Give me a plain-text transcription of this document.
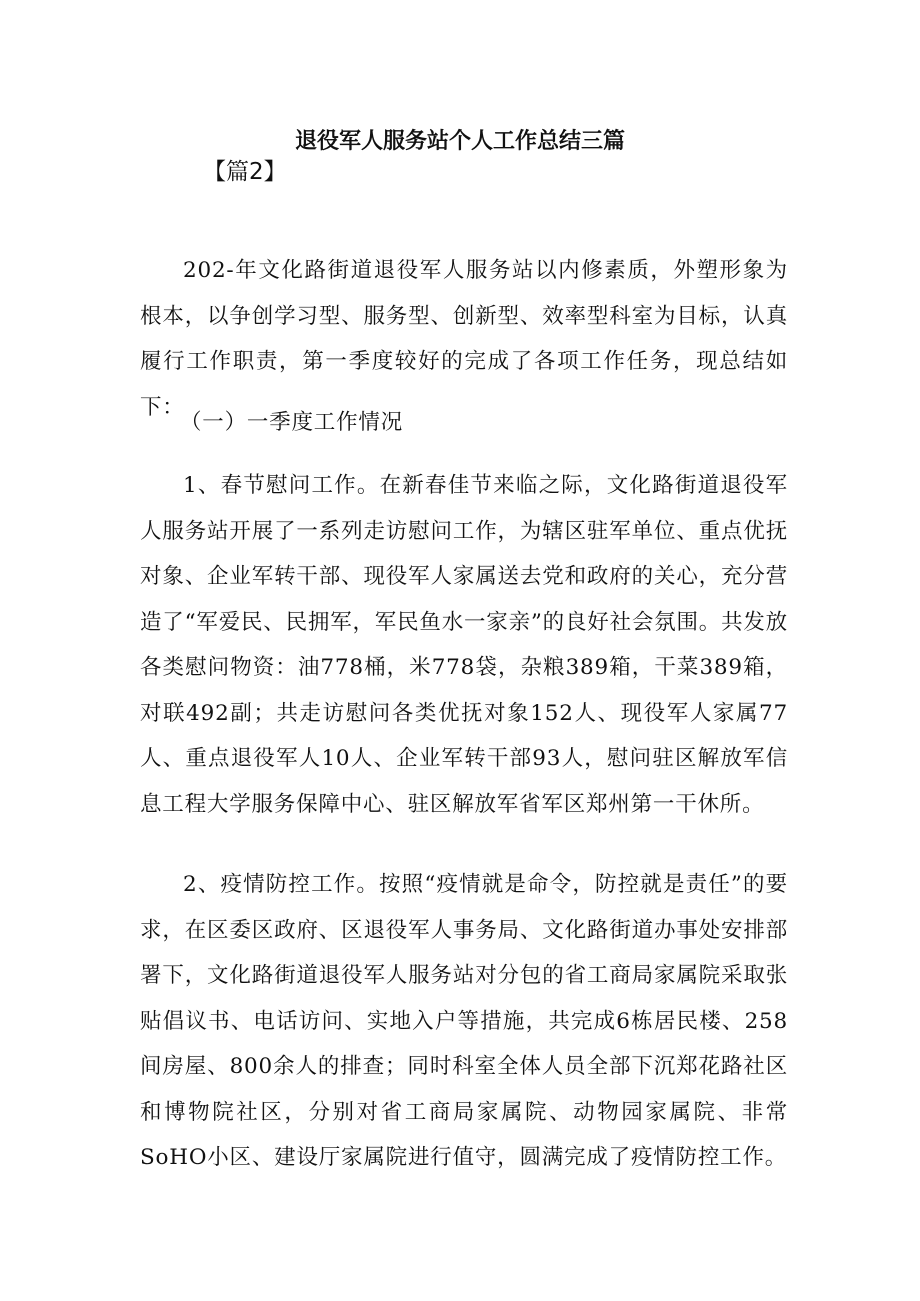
退役军人服务站个人工作总结三篇

【篇2】

202-年文化路街道退役军人服务站以内修素质，外塑形象为根本，以争创学习型、服务型、创新型、效率型科室为目标，认真履行工作职责，第一季度较好的完成了各项工作任务，现总结如下：

（一）一季度工作情况

1、春节慰问工作。在新春佳节来临之际，文化路街道退役军人服务站开展了一系列走访慰问工作，为辖区驻军单位、重点优抚对象、企业军转干部、现役军人家属送去党和政府的关心，充分营造了“军爱民、民拥军，军民鱼水一家亲”的良好社会氛围。共发放各类慰问物资：油778桶，米778袋，杂粮389箱，干菜389箱，对联492副；共走访慰问各类优抚对象152人、现役军人家属77人、重点退役军人10人、企业军转干部93人，慰问驻区解放军信息工程大学服务保障中心、驻区解放军省军区郑州第一干休所。

2、疫情防控工作。按照“疫情就是命令，防控就是责任”的要求，在区委区政府、区退役军人事务局、文化路街道办事处安排部署下，文化路街道退役军人服务站对分包的省工商局家属院采取张贴倡议书、电话访问、实地入户等措施，共完成6栋居民楼、258间房屋、800余人的排查；同时科室全体人员全部下沉郑花路社区和博物院社区，分别对省工商局家属院、动物园家属院、非常SoHO小区、建设厅家属院进行值守，圆满完成了疫情防控工作。
